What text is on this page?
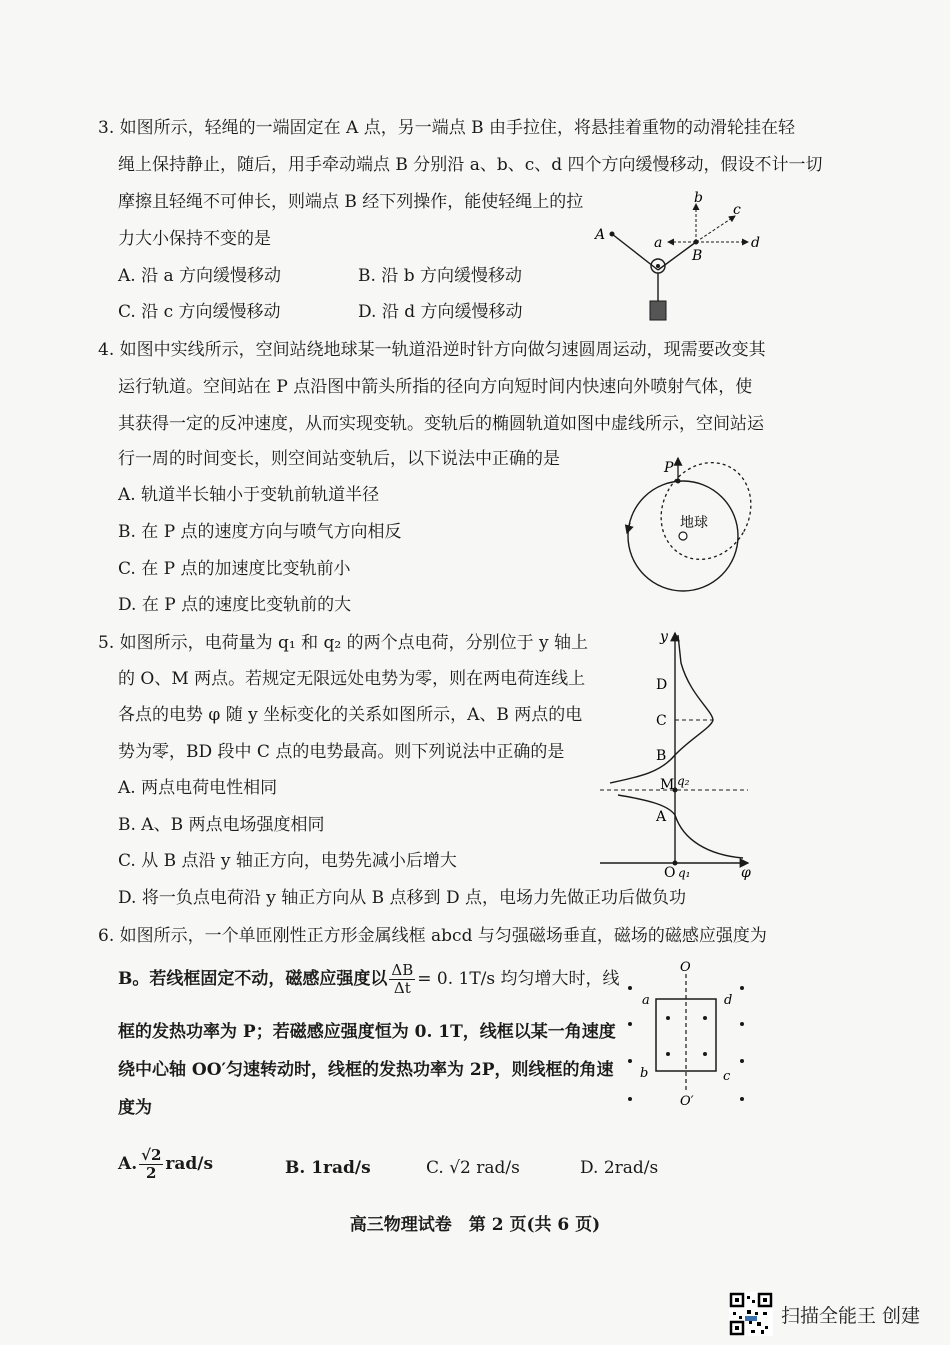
3. 如图所示，轻绳的一端固定在 A 点，另一端点 B 由手拉住，将悬挂着重物的动滑轮挂在轻
绳上保持静止，随后，用手牵动端点 B 分别沿 a、b、c、d 四个方向缓慢移动，假设不计一切
摩擦且轻绳不可伸长，则端点 B 经下列操作，能使轻绳上的拉
力大小保持不变的是
A. 沿 a 方向缓慢移动	B. 沿 b 方向缓慢移动
C. 沿 c 方向缓慢移动	D. 沿 d 方向缓慢移动
A
B
a
b
c
d
4. 如图中实线所示，空间站绕地球某一轨道沿逆时针方向做匀速圆周运动，现需要改变其
运行轨道。空间站在 P 点沿图中箭头所指的径向方向短时间内快速向外喷射气体，使
其获得一定的反冲速度，从而实现变轨。变轨后的椭圆轨道如图中虚线所示，空间站运
行一周的时间变长，则空间站变轨后，以下说法中正确的是
A. 轨道半长轴小于变轨前轨道半径
B. 在 P 点的速度方向与喷气方向相反
C. 在 P 点的加速度比变轨前小
D. 在 P 点的速度比变轨前的大
P
地球
5. 如图所示，电荷量为 q₁ 和 q₂ 的两个点电荷，分别位于 y 轴上
的 O、M 两点。若规定无限远处电势为零，则在两电荷连线上
各点的电势 φ 随 y 坐标变化的关系如图所示，A、B 两点的电
势为零，BD 段中 C 点的电势最高。则下列说法中正确的是
A. 两点电荷电性相同
B. A、B 两点电场强度相同
C. 从 B 点沿 y 轴正方向，电势先减小后增大
D. 将一负点电荷沿 y 轴正方向从 B 点移到 D 点，电场力先做正功后做负功
y
φ
O q₁
M q₂
D
C
B
A
6. 如图所示，一个单匝刚性正方形金属线框 abcd 与匀强磁场垂直，磁场的磁感应强度为
B。若线框固定不动，磁感应强度以 $\frac{\Delta B}{\Delta t} = 0$. 1T/s 均匀增大时，线
框的发热功率为 P；若磁感应强度恒为 0. 1T，线框以某一角速度
绕中心轴 OO′匀速转动时，线框的发热功率为 2P，则线框的角速
度为
A. $\frac{√2}{2} rad/s$	B. 1rad/s	C. √2 rad/s	D. 2rad/s
O
O′
a	d
b	c
高三物理试卷　第 2 页(共 6 页)
扫描全能王 创建
